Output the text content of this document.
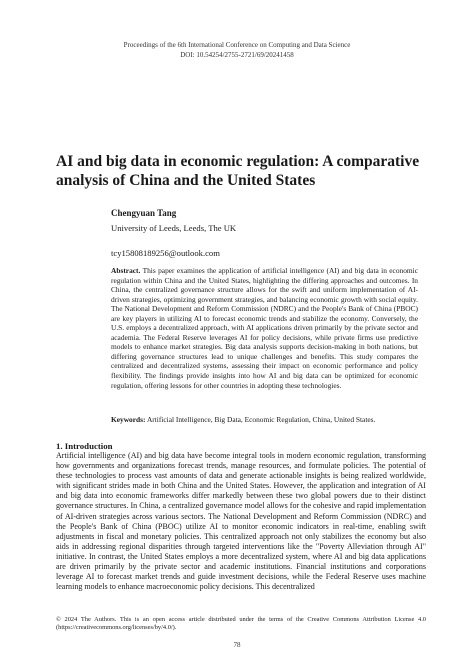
Proceedings of the 6th International Conference on Computing and Data Science
DOI: 10.54254/2755-2721/69/20241458
AI and big data in economic regulation: A comparative analysis of China and the United States
Chengyuan Tang
University of Leeds, Leeds, The UK
tcy15808189256@outlook.com

Abstract. This paper examines the application of artificial intelligence (AI) and big data in economic regulation within China and the United States, highlighting the differing approaches and outcomes. In China, the centralized governance structure allows for the swift and uniform implementation of AI-driven strategies, optimizing government strategies, and balancing economic growth with social equity. The National Development and Reform Commission (NDRC) and the People's Bank of China (PBOC) are key players in utilizing AI to forecast economic trends and stabilize the economy. Conversely, the U.S. employs a decentralized approach, with AI applications driven primarily by the private sector and academia. The Federal Reserve leverages AI for policy decisions, while private firms use predictive models to enhance market strategies. Big data analysis supports decision-making in both nations, but differing governance structures lead to unique challenges and benefits. This study compares the centralized and decentralized systems, assessing their impact on economic performance and policy flexibility. The findings provide insights into how AI and big data can be optimized for economic regulation, offering lessons for other countries in adopting these technologies.

Keywords: Artificial Intelligence, Big Data, Economic Regulation, China, United States.

1. Introduction

Artificial intelligence (AI) and big data have become integral tools in modern economic regulation, transforming how governments and organizations forecast trends, manage resources, and formulate policies. The potential of these technologies to process vast amounts of data and generate actionable insights is being realized worldwide, with significant strides made in both China and the United States. However, the application and integration of AI and big data into economic frameworks differ markedly between these two global powers due to their distinct governance structures. In China, a centralized governance model allows for the cohesive and rapid implementation of AI-driven strategies across various sectors. The National Development and Reform Commission (NDRC) and the People's Bank of China (PBOC) utilize AI to monitor economic indicators in real-time, enabling swift adjustments in fiscal and monetary policies. This centralized approach not only stabilizes the economy but also aids in addressing regional disparities through targeted interventions like the "Poverty Alleviation through AI" initiative. In contrast, the United States employs a more decentralized system, where AI and big data applications are driven primarily by the private sector and academic institutions. Financial institutions and corporations leverage AI to forecast market trends and guide investment decisions, while the Federal Reserve uses machine learning models to enhance macroeconomic policy decisions. This decentralized

© 2024 The Authors. This is an open access article distributed under the terms of the Creative Commons Attribution License 4.0 (https://creativecommons.org/licenses/by/4.0/).

78
